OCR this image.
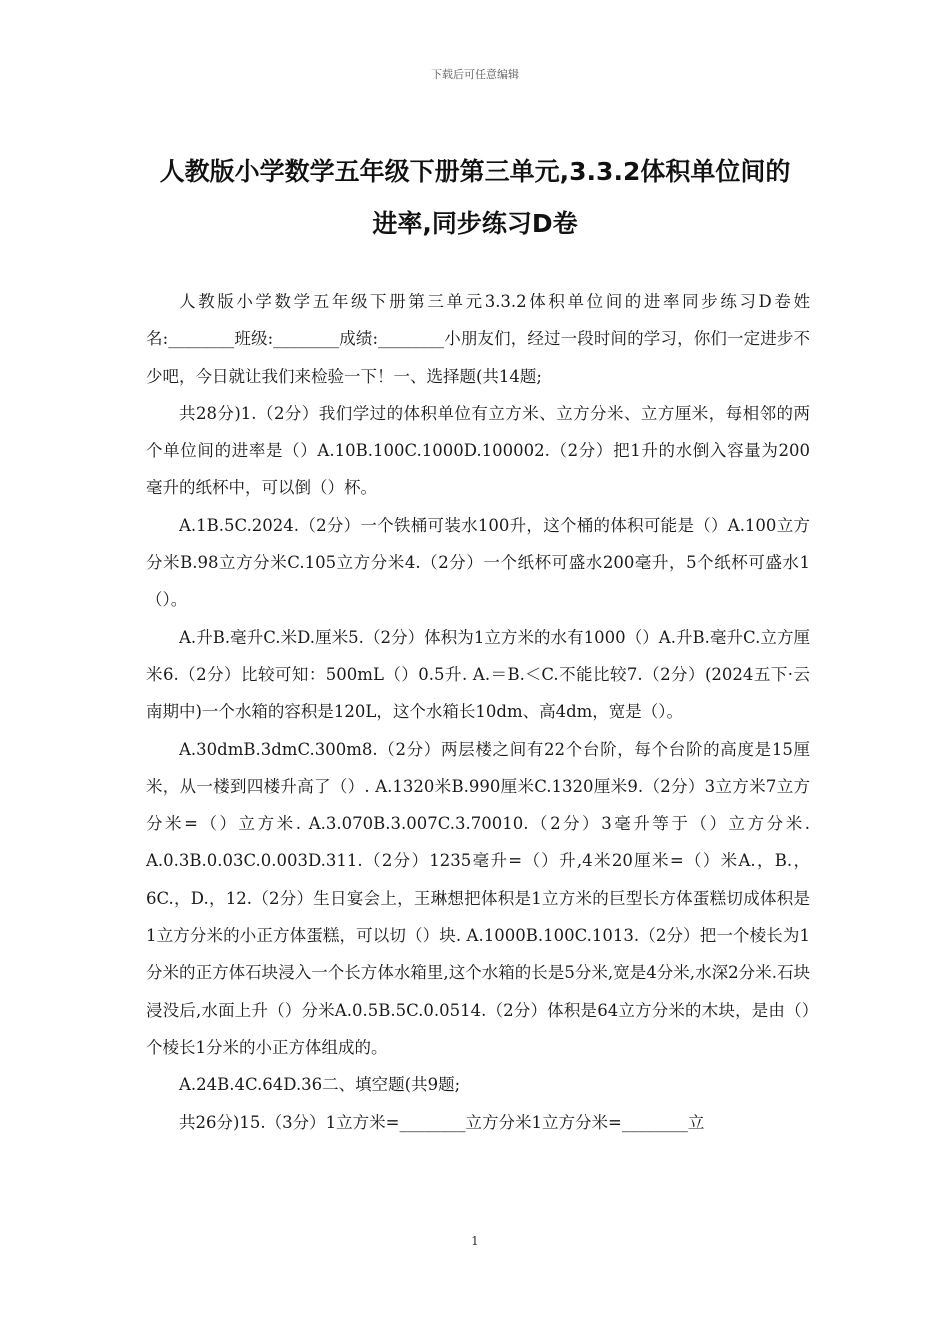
下载后可任意编辑
人教版小学数学五年级下册第三单元,3.3.2体积单位间的
进率,同步练习D卷

人教版小学数学五年级下册第三单元3.3.2体积单位间的进率同步练习D卷姓名:________班级:________成绩:________小朋友们，经过一段时间的学习，你们一定进步不少吧，今日就让我们来检验一下！一、选择题(共14题;

共28分)1.（2分）我们学过的体积单位有立方米、立方分米、立方厘米，每相邻的两个单位间的进率是（）A.10B.100C.1000D.100002.（2分）把1升的水倒入容量为200毫升的纸杯中，可以倒（）杯。

A.1B.5C.2024.（2分）一个铁桶可装水100升，这个桶的体积可能是（）A.100立方分米B.98立方分米C.105立方分米4.（2分）一个纸杯可盛水200毫升，5个纸杯可盛水1（）。

A.升B.毫升C.米D.厘米5.（2分）体积为1立方米的水有1000（）A.升B.毫升C.立方厘米6.（2分）比较可知：500mL（）0.5升. A.＝B.＜C.不能比较7.（2分）(2024五下·云南期中)一个水箱的容积是120L，这个水箱长10dm、高4dm，宽是（）。

A.30dmB.3dmC.300m8.（2分）两层楼之间有22个台阶，每个台阶的高度是15厘米，从一楼到四楼升高了（）. A.1320米B.990厘米C.1320厘米9.（2分）3立方米7立方分米=（）立方米. A.3.070B.3.007C.3.70010.（2分）3毫升等于（）立方分米. A.0.3B.0.03C.0.003D.311.（2分）1235毫升=（）升,4米20厘米=（）米A.，B.，6C.，D.，12.（2分）生日宴会上，王琳想把体积是1立方米的巨型长方体蛋糕切成体积是1立方分米的小正方体蛋糕，可以切（）块. A.1000B.100C.1013.（2分）把一个棱长为1分米的正方体石块浸入一个长方体水箱里,这个水箱的长是5分米,宽是4分米,水深2分米.石块浸没后,水面上升（）分米A.0.5B.5C.0.0514.（2分）体积是64立方分米的木块，是由（）个棱长1分米的小正方体组成的。

A.24B.4C.64D.36二、填空题(共9题;

共26分)15.（3分）1立方米=________立方分米1立方分米=________立

1
